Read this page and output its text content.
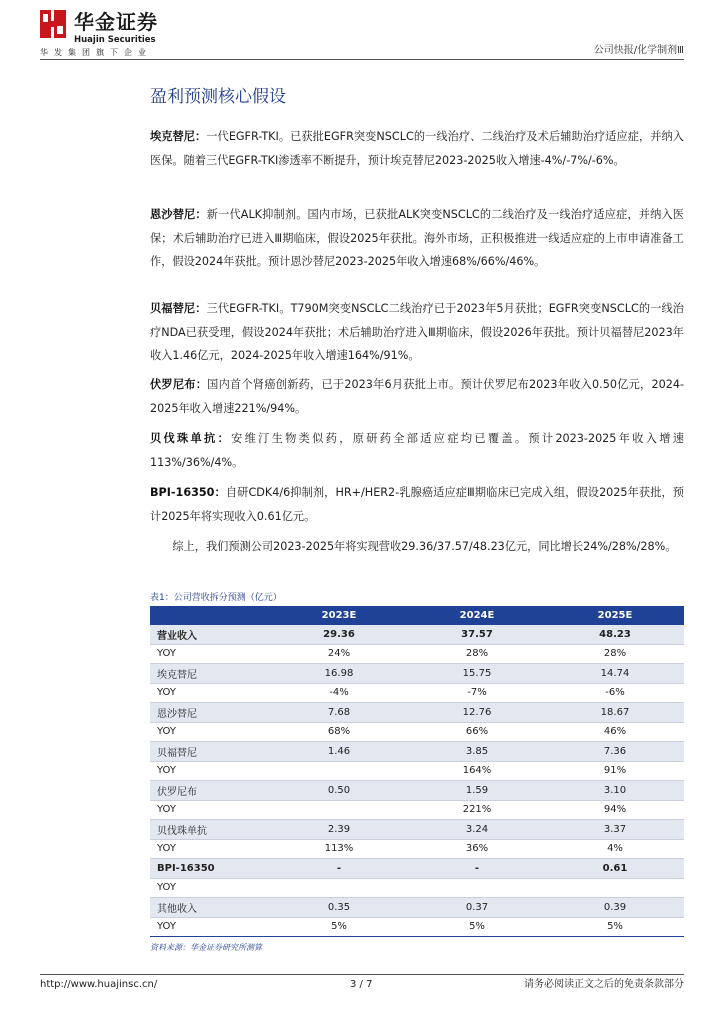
华金证券
Huajin Securities
华发集团旗下企业	公司快报/化学制剂Ⅲ
盈利预测核心假设
埃克替尼：一代EGFR-TKI。已获批EGFR突变NSCLC的一线治疗、二线治疗及术后辅助治疗适应症，并纳入医保。随着三代EGFR-TKI渗透率不断提升，预计埃克替尼2023-2025收入增速-4%/-7%/-6%。
恩沙替尼：新一代ALK抑制剂。国内市场，已获批ALK突变NSCLC的二线治疗及一线治疗适应症，并纳入医保；术后辅助治疗已进入Ⅲ期临床，假设2025年获批。海外市场，正积极推进一线适应症的上市申请准备工作，假设2024年获批。预计恩沙替尼2023-2025年收入增速68%/66%/46%。
贝福替尼：三代EGFR-TKI。T790M突变NSCLC二线治疗已于2023年5月获批；EGFR突变NSCLC的一线治疗NDA已获受理，假设2024年获批；术后辅助治疗进入Ⅲ期临床，假设2026年获批。预计贝福替尼2023年收入1.46亿元，2024-2025年收入增速164%/91%。
伏罗尼布：国内首个肾癌创新药，已于2023年6月获批上市。预计伏罗尼布2023年收入0.50亿元，2024-2025年收入增速221%/94%。
贝伐珠单抗：安维汀生物类似药，原研药全部适应症均已覆盖。预计2023-2025年收入增速113%/36%/4%。
BPI-16350：自研CDK4/6抑制剂，HR+/HER2-乳腺癌适应症Ⅲ期临床已完成入组，假设2025年获批，预计2025年将实现收入0.61亿元。
综上，我们预测公司2023-2025年将实现营收29.36/37.57/48.23亿元，同比增长24%/28%/28%。
表1：公司营收拆分预测（亿元）
	2023E	2024E	2025E
营业收入	29.36	37.57	48.23
YOY	24%	28%	28%
埃克替尼	16.98	15.75	14.74
YOY	-4%	-7%	-6%
恩沙替尼	7.68	12.76	18.67
YOY	68%	66%	46%
贝福替尼	1.46	3.85	7.36
YOY		164%	91%
伏罗尼布	0.50	1.59	3.10
YOY		221%	94%
贝伐珠单抗	2.39	3.24	3.37
YOY	113%	36%	4%
BPI-16350	-	-	0.61
YOY			
其他收入	0.35	0.37	0.39
YOY	5%	5%	5%
资料来源：华金证券研究所测算
http://www.huajinsc.cn/	3 / 7	请务必阅读正文之后的免责条款部分
